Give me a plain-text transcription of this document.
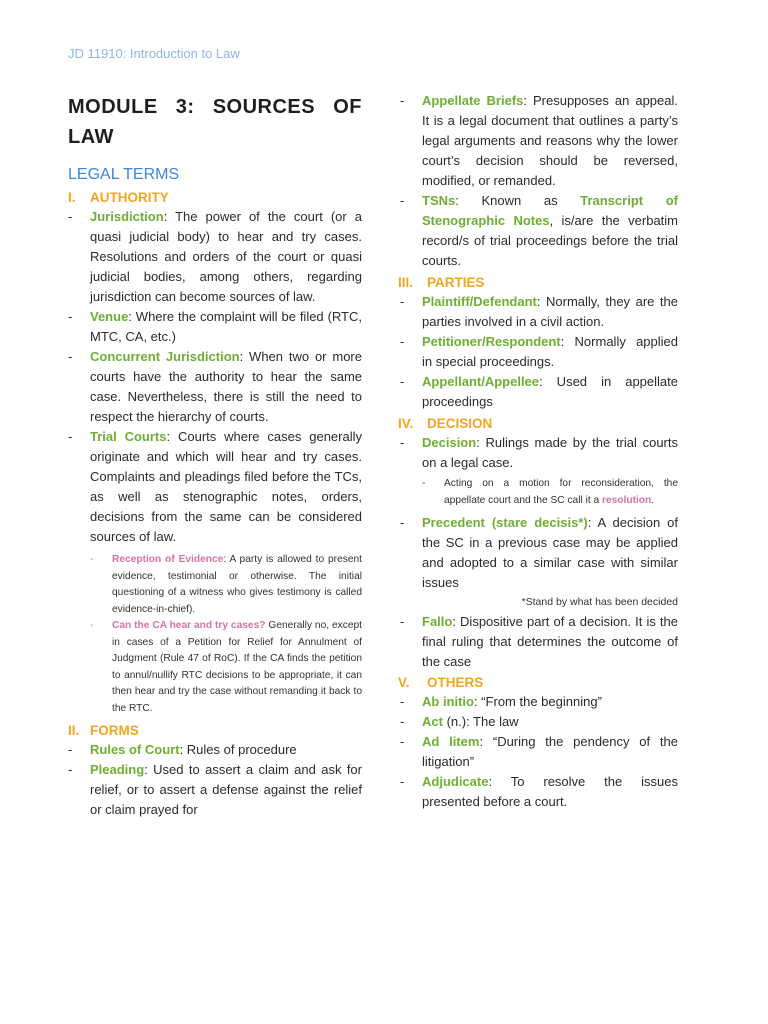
JD 11910: Introduction to Law
MODULE 3: SOURCES OF
LAW
LEGAL TERMS
I.	AUTHORITY
-	Jurisdiction: The power of the court (or a quasi judicial body) to hear and try cases. Resolutions and orders of the court or quasi judicial bodies, among others, regarding jurisdiction can become sources of law.
-	Venue: Where the complaint will be filed (RTC, MTC, CA, etc.)
-	Concurrent Jurisdiction: When two or more courts have the authority to hear the same case. Nevertheless, there is still the need to respect the hierarchy of courts.
-	Trial Courts: Courts where cases generally originate and which will hear and try cases. Complaints and pleadings filed before the TCs, as well as stenographic notes, orders, decisions from the same can be considered sources of law.
-	Reception of Evidence: A party is allowed to present evidence, testimonial or otherwise. The initial questioning of a witness who gives testimony is called evidence-in-chief).
-	Can the CA hear and try cases? Generally no, except in cases of a Petition for Relief for Annulment of Judgment (Rule 47 of RoC). If the CA finds the petition to annul/nullify RTC decisions to be appropriate, it can then hear and try the case without remanding it back to the RTC.
II. FORMS
-	Rules of Court: Rules of procedure
-	Pleading: Used to assert a claim and ask for relief, or to assert a defense against the relief or claim prayed for
-	Appellate Briefs: Presupposes an appeal. It is a legal document that outlines a party’s legal arguments and reasons why the lower court’s decision should be reversed, modified, or remanded.
-	TSNs: Known as Transcript of Stenographic Notes, is/are the verbatim record/s of trial proceedings before the trial courts.
III.	PARTIES
-	Plaintiff/Defendant: Normally, they are the parties involved in a civil action.
-	Petitioner/Respondent: Normally applied in special proceedings.
-	Appellant/Appellee: Used in appellate proceedings
IV.	DECISION
-	Decision: Rulings made by the trial courts on a legal case.
-	Acting on a motion for reconsideration, the appellate court and the SC call it a resolution.
-	Precedent (stare decisis*): A decision of the SC in a previous case may be applied and adopted to a similar case with similar issues
*Stand by what has been decided
-	Fallo: Dispositive part of a decision. It is the final ruling that determines the outcome of the case
V.	OTHERS
-	Ab initio: “From the beginning”
-	Act (n.): The law
-	Ad litem: “During the pendency of the litigation”
-	Adjudicate: To resolve the issues presented before a court.
